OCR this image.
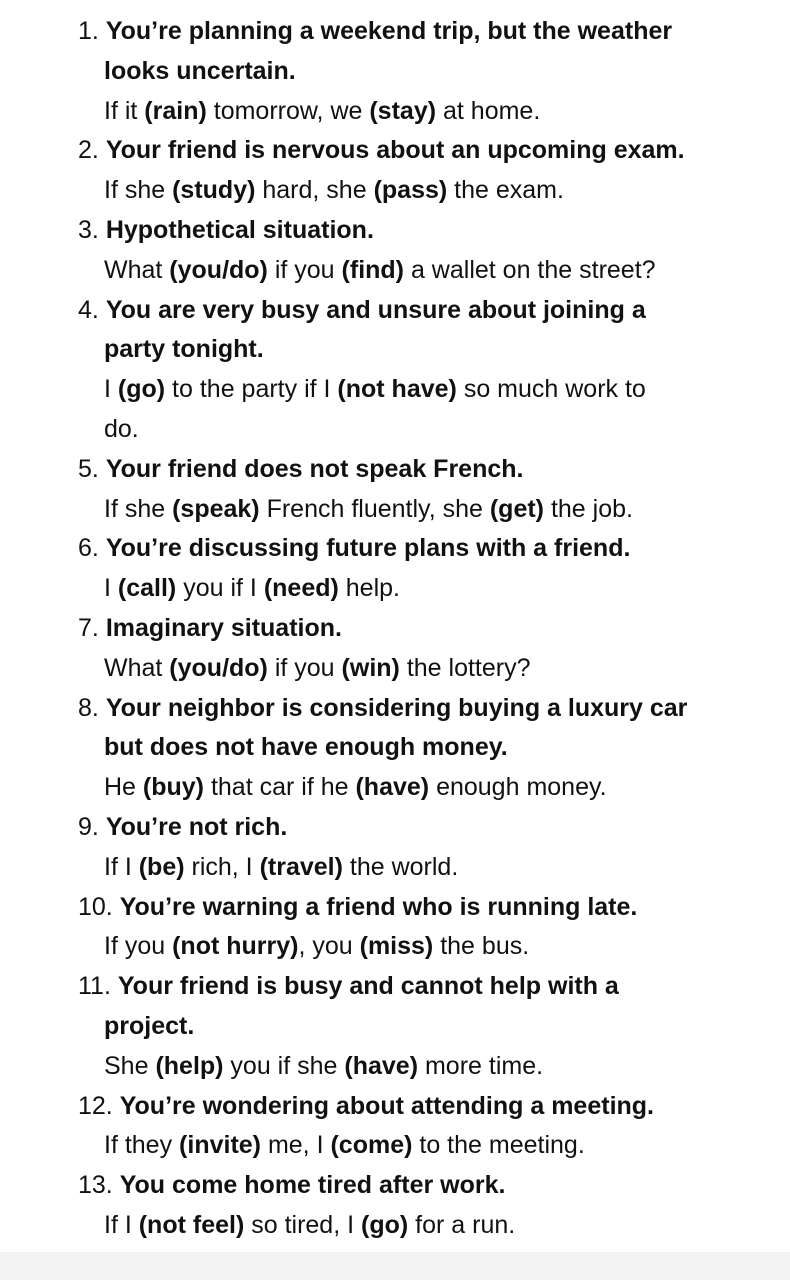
1. You’re planning a weekend trip, but the weather
looks uncertain.
If it (rain) tomorrow, we (stay) at home.
2. Your friend is nervous about an upcoming exam.
If she (study) hard, she (pass) the exam.
3. Hypothetical situation.
What (you/do) if you (find) a wallet on the street?
4. You are very busy and unsure about joining a
party tonight.
I (go) to the party if I (not have) so much work to
do.
5. Your friend does not speak French.
If she (speak) French fluently, she (get) the job.
6. You’re discussing future plans with a friend.
I (call) you if I (need) help.
7. Imaginary situation.
What (you/do) if you (win) the lottery?
8. Your neighbor is considering buying a luxury car
but does not have enough money.
He (buy) that car if he (have) enough money.
9. You’re not rich.
If I (be) rich, I (travel) the world.
10. You’re warning a friend who is running late.
If you (not hurry), you (miss) the bus.
11. Your friend is busy and cannot help with a
project.
She (help) you if she (have) more time.
12. You’re wondering about attending a meeting.
If they (invite) me, I (come) to the meeting.
13. You come home tired after work.
If I (not feel) so tired, I (go) for a run.
